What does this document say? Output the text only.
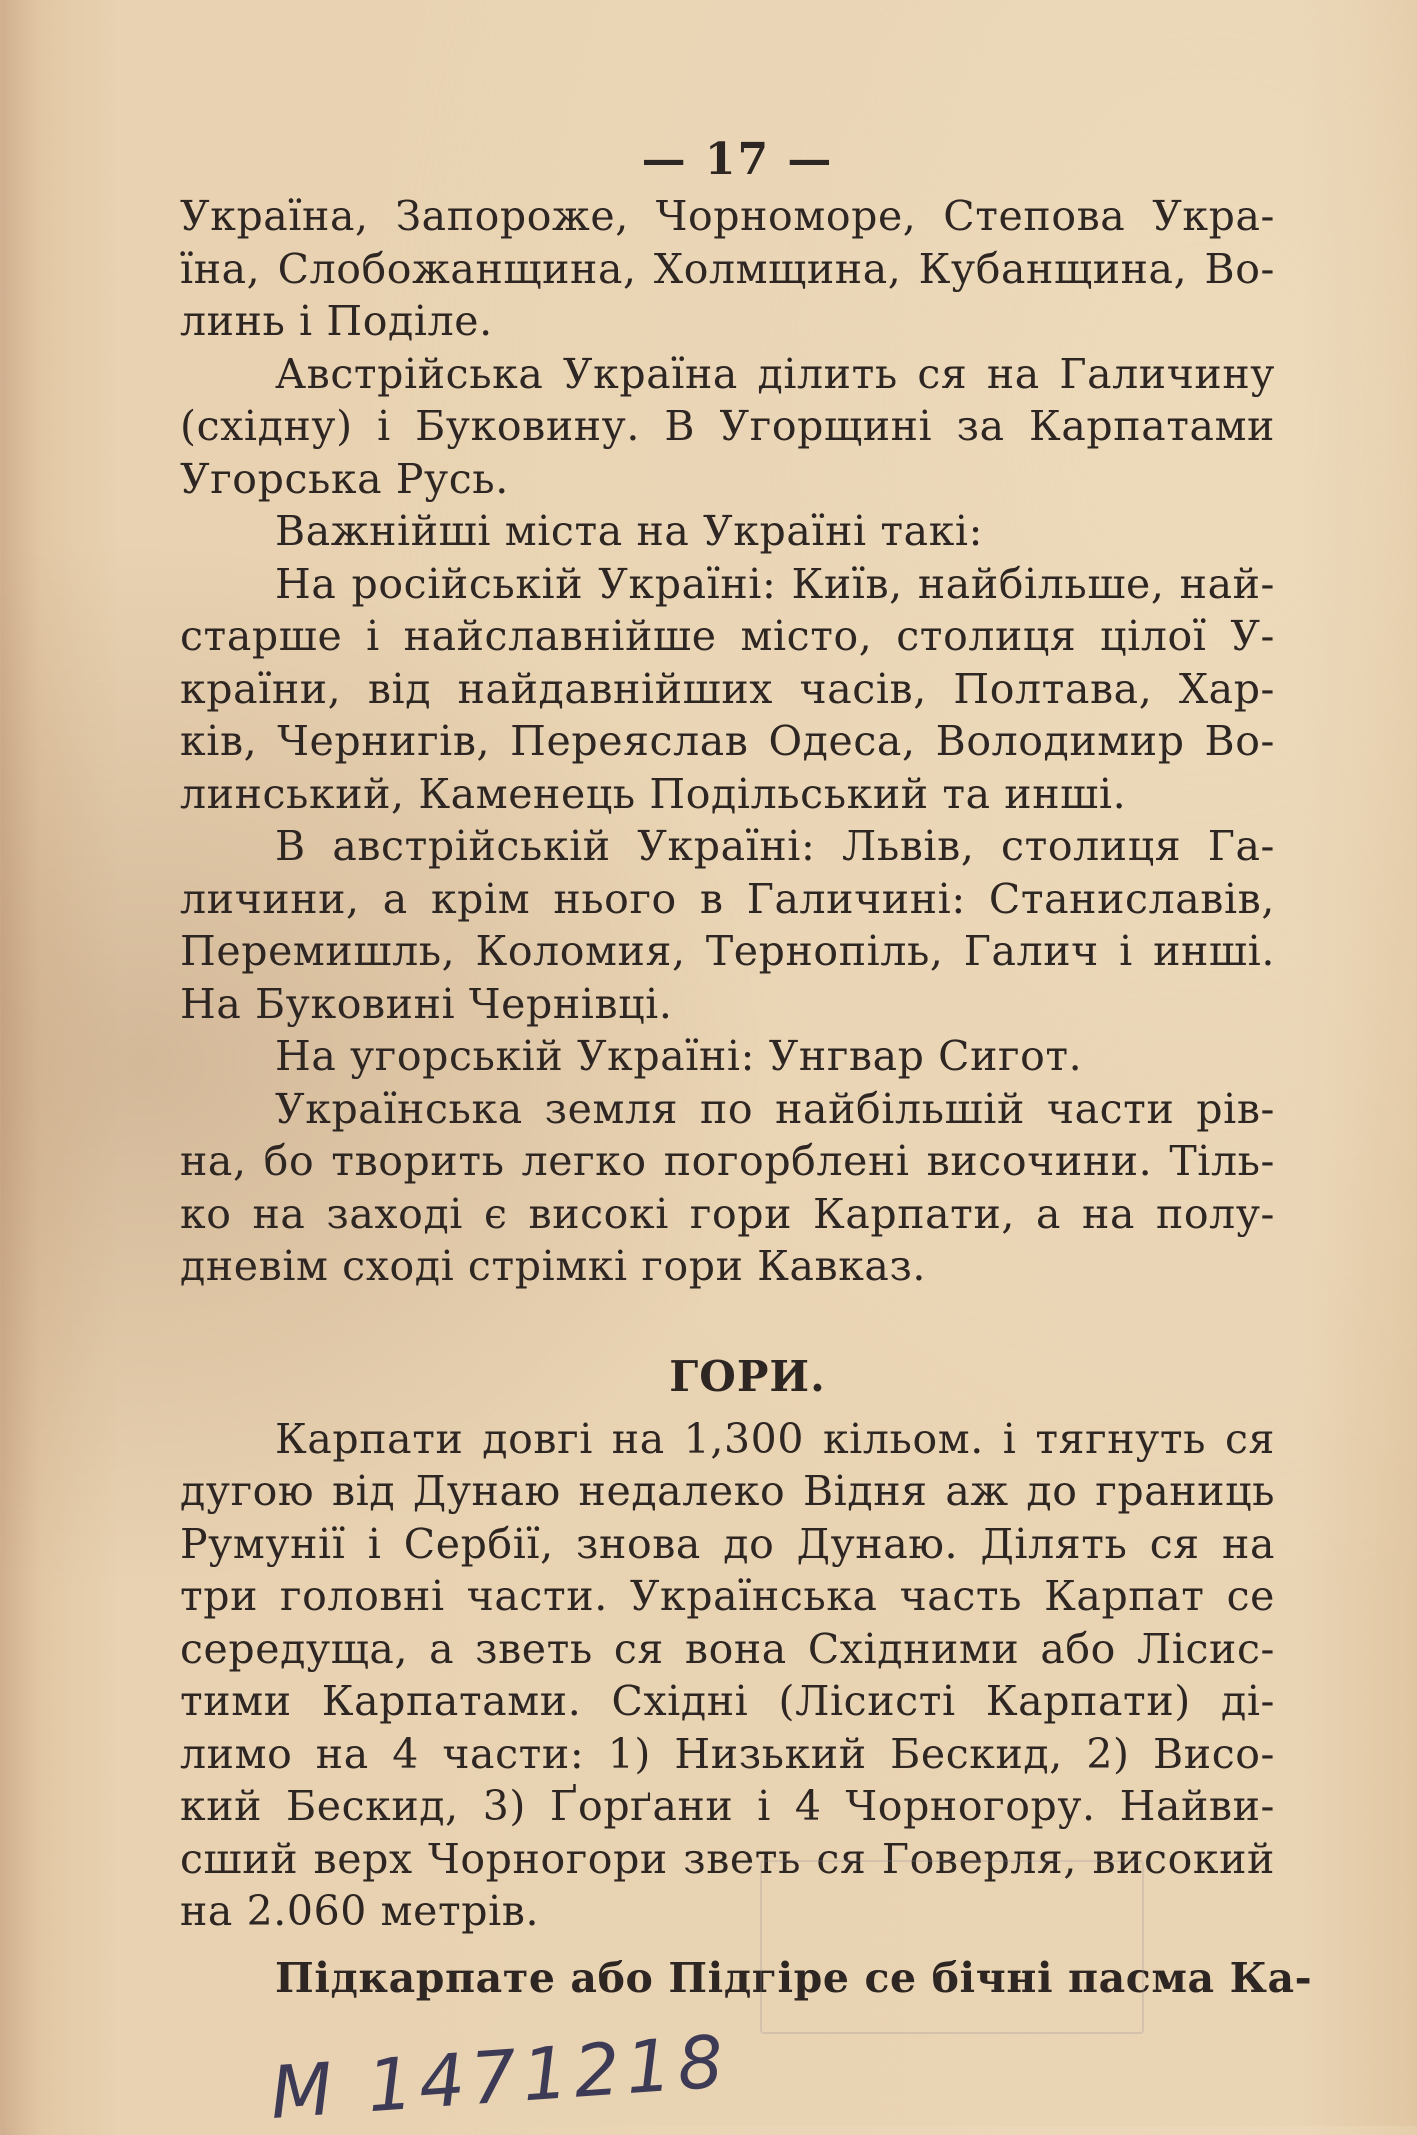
— 17 —

Україна, Запороже, Чорноморе, Степова Укра-
їна, Слобожанщина, Холмщина, Кубанщина, Во-
линь і Поділе.

Австрійська Україна ділить ся на Галичину
(східну) і Буковину. В Угорщині за Карпатами
Угорська Русь.

Важнійші міста на Україні такі:

На російській Україні: Київ, найбільше, най-
старше і найславнійше місто, столиця цілої У-
країни, від найдавнійших часів, Полтава, Хар-
ків, Чернигів, Переяслав Одеса, Володимир Во-
линський, Каменець Подільський та инші.

В австрійській Україні: Львів, столиця Га-
личини, а крім нього в Галичині: Станиславів,
Перемишль, Коломия, Тернопіль, Галич і инші.
На Буковині Чернівці.

На угорській Україні: Унгвар Сигот.

Українська земля по найбільшій части рів-
на, бо творить легко погорблені височини. Тіль-
ко на заході є високі гори Карпати, а на полу-
дневім сході стрімкі гори Кавказ.

ГОРИ.

Карпати довгі на 1,300 кільом. і тягнуть ся
дугою від Дунаю недалеко Відня аж до границь
Румунії і Сербії, знова до Дунаю. Ділять ся на
три головні части. Українська часть Карпат се
середуща, а зветь ся вона Східними або Лісис-
тими Карпатами. Східні (Лісисті Карпати) ді-
лимо на 4 части: 1) Низький Бескид, 2) Висо-
кий Бескид, 3) Ґорґани і 4 Чорногору. Найви-
сший верх Чорногори зветь ся Говерля, високий
на 2.060 метрів.

Підкарпате або Підгіре се бічні пасма Ка-

M 1471218
